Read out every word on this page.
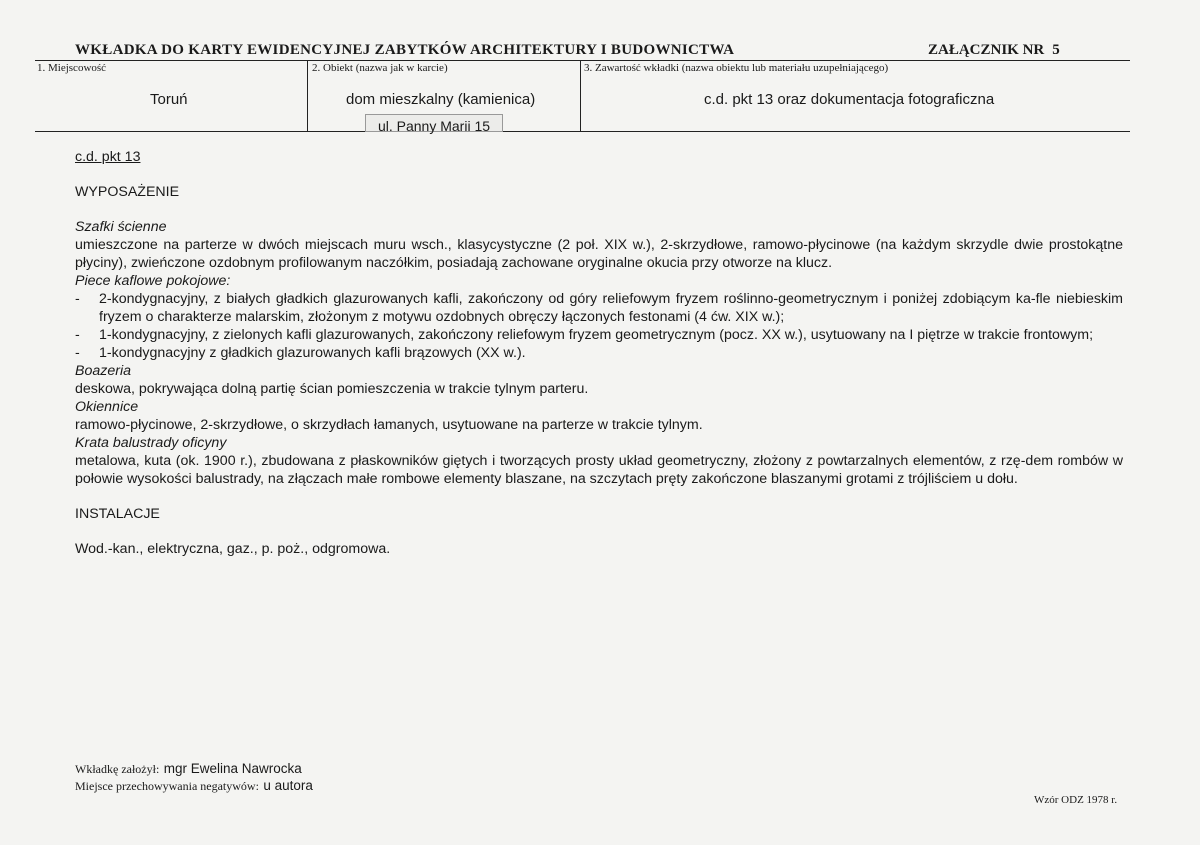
WKŁADKA DO KARTY EWIDENCYJNEJ ZABYTKÓW ARCHITEKTURY I BUDOWNICTWA	ZAŁĄCZNIK NR 5
1. Miejscowość
Toruń
2. Obiekt (nazwa jak w karcie)
dom mieszkalny (kamienica)
ul. Panny Marii 15
3. Zawartość wkładki (nazwa obiektu lub materiału uzupełniającego)
c.d. pkt 13 oraz dokumentacja fotograficzna

c.d. pkt 13

WYPOSAŻENIE

Szafki ścienne

umieszczone na parterze w dwóch miejscach muru wsch., klasycystyczne (2 poł. XIX w.), 2-skrzydłowe, ramowo-płycinowe (na każdym skrzydle dwie prostokątne płyciny), zwieńczone ozdobnym profilowanym naczółkim, posiadają zachowane oryginalne okucia przy otworze na klucz.

Piece kaflowe pokojowe:

-	2-kondygnacyjny, z białych gładkich glazurowanych kafli, zakończony od góry reliefowym fryzem roślinno-geometrycznym i poniżej zdobiącym ka-fle niebieskim fryzem o charakterze malarskim, złożonym z motywu ozdobnych obręczy łączonych festonami (4 ćw. XIX w.);
-	1-kondygnacyjny, z zielonych kafli glazurowanych, zakończony reliefowym fryzem geometrycznym (pocz. XX w.), usytuowany na I piętrze w trakcie frontowym;
-	1-kondygnacyjny z gładkich glazurowanych kafli brązowych (XX w.).

Boazeria

deskowa, pokrywająca dolną partię ścian pomieszczenia w trakcie tylnym parteru.

Okiennice

ramowo-płycinowe, 2-skrzydłowe, o skrzydłach łamanych, usytuowane na parterze w trakcie tylnym.

Krata balustrady oficyny

metalowa, kuta (ok. 1900 r.), zbudowana z płaskowników giętych i tworzących prosty układ geometryczny, złożony z powtarzalnych elementów, z rzę-dem rombów w połowie wysokości balustrady, na złączach małe rombowe elementy blaszane, na szczytach pręty zakończone blaszanymi grotami z trójliściem u dołu.

INSTALACJE

Wod.-kan., elektryczna, gaz., p. poż., odgromowa.

Wkładkę założył: mgr Ewelina Nawrocka
Miejsce przechowywania negatywów: u autora
Wzór ODZ 1978 r.
